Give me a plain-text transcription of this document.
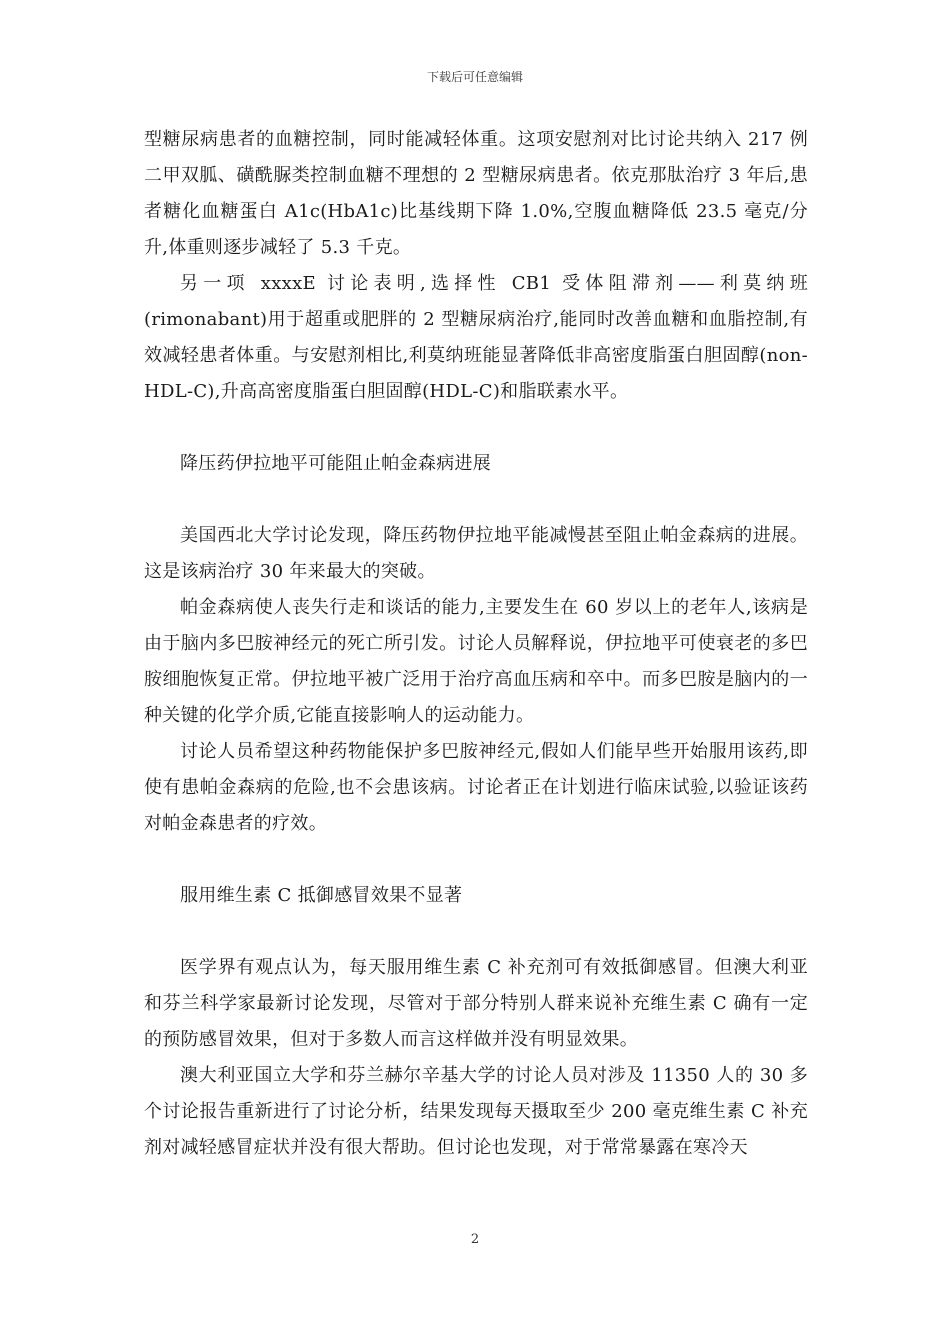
下载后可任意编辑

型糖尿病患者的血糖控制，同时能减轻体重。这项安慰剂对比讨论共纳入 217 例二甲双胍、磺酰脲类控制血糖不理想的 2 型糖尿病患者。依克那肽治疗 3 年后,患者糖化血糖蛋白 A1c(HbA1c)比基线期下降 1.0%,空腹血糖降低 23.5 毫克/分升,体重则逐步减轻了 5.3 千克。

另一项 xxxxE 讨论表明,选择性 CB1 受体阻滞剂——利莫纳班(rimonabant)用于超重或肥胖的 2 型糖尿病治疗,能同时改善血糖和血脂控制,有效减轻患者体重。与安慰剂相比,利莫纳班能显著降低非高密度脂蛋白胆固醇(non-HDL-C),升高高密度脂蛋白胆固醇(HDL-C)和脂联素水平。

降压药伊拉地平可能阻止帕金森病进展

美国西北大学讨论发现，降压药物伊拉地平能减慢甚至阻止帕金森病的进展。这是该病治疗 30 年来最大的突破。

帕金森病使人丧失行走和谈话的能力,主要发生在 60 岁以上的老年人,该病是由于脑内多巴胺神经元的死亡所引发。讨论人员解释说，伊拉地平可使衰老的多巴胺细胞恢复正常。伊拉地平被广泛用于治疗高血压病和卒中。而多巴胺是脑内的一种关键的化学介质,它能直接影响人的运动能力。

讨论人员希望这种药物能保护多巴胺神经元,假如人们能早些开始服用该药,即使有患帕金森病的危险,也不会患该病。讨论者正在计划进行临床试验,以验证该药对帕金森患者的疗效。

服用维生素 C 抵御感冒效果不显著

医学界有观点认为，每天服用维生素 C 补充剂可有效抵御感冒。但澳大利亚和芬兰科学家最新讨论发现，尽管对于部分特别人群来说补充维生素 C 确有一定的预防感冒效果，但对于多数人而言这样做并没有明显效果。

澳大利亚国立大学和芬兰赫尔辛基大学的讨论人员对涉及 11350 人的 30 多个讨论报告重新进行了讨论分析，结果发现每天摄取至少 200 毫克维生素 C 补充剂对减轻感冒症状并没有很大帮助。但讨论也发现，对于常常暴露在寒冷天

2
